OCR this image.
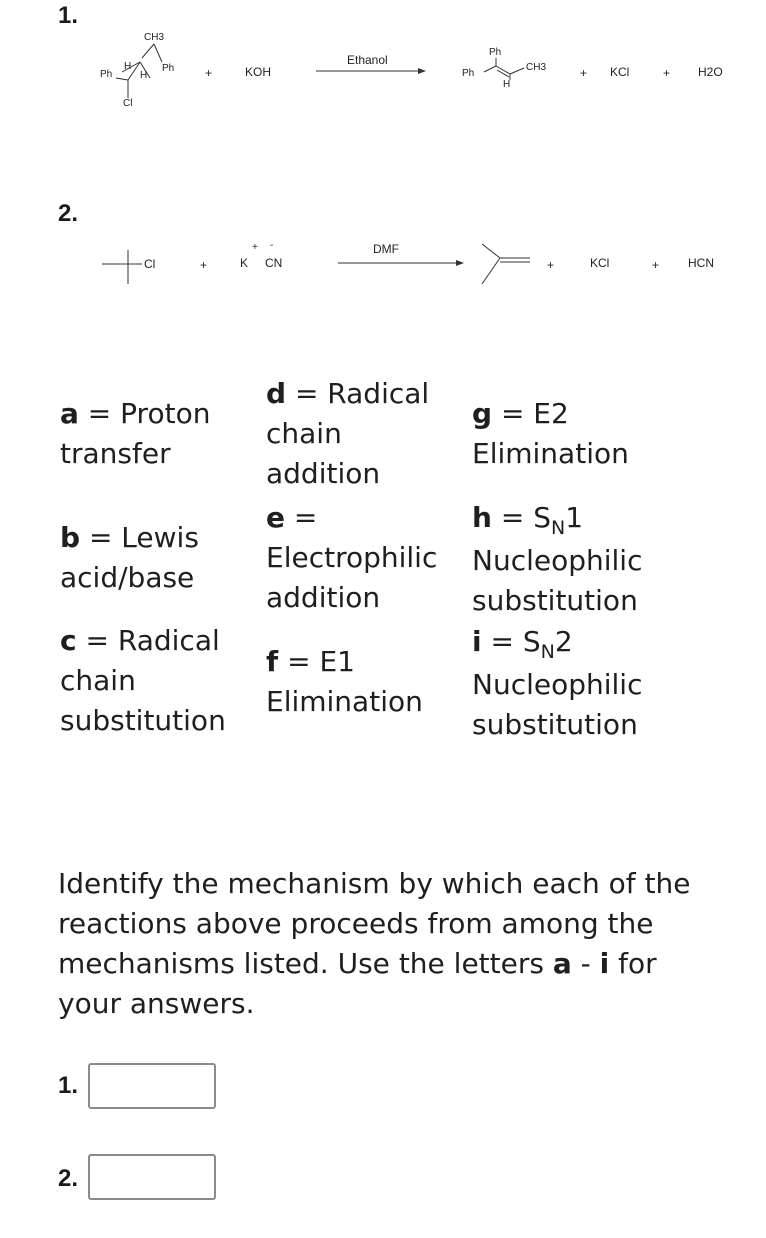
1.
CH3
Ph
H
H
Ph
Cl
+	KOH
Ethanol
Ph
CH3
Ph
H
+ KCl	+ H2O
2.
Cl	+
+
K
-
CN
DMF
+	KCl	+ HCN
a = Proton
transfer
b = Lewis
acid/base
c = Radical
chain
substitution
d = Radical
chain
addition
e =
Electrophilic
addition
f = E1
Elimination
g = E2
Elimination
$h = S_N1$
Nucleophilic
substitution
$i = S_N2$
Nucleophilic
substitution
Identify the mechanism by which each of the reactions above proceeds from among the mechanisms listed. Use the letters a - i for your answers.
1.
2.
